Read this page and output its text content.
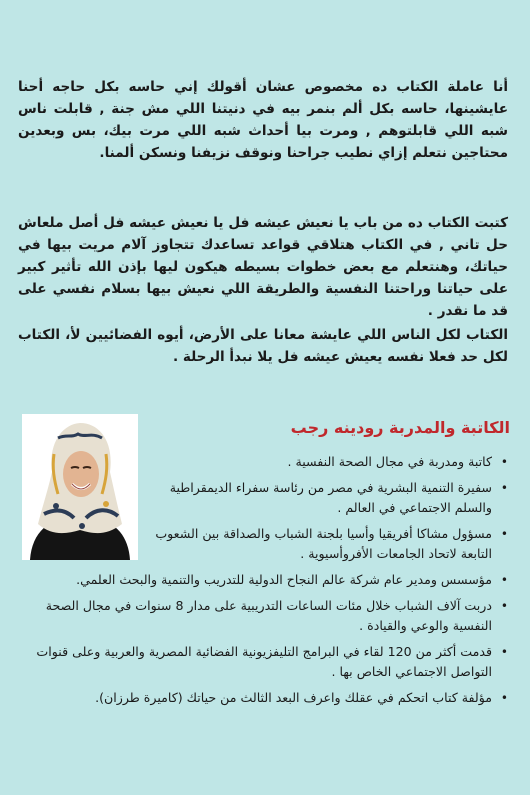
أنا عاملة الكتاب ده مخصوص عشان أقولك إني حاسه بكل حاجه أحنا عايشينها، حاسه بكل ألم بنمر بيه في دنيتنا اللي مش جنة , قابلت ناس شبه اللي قابلتوهم , ومرت بيا أحداث شبه اللي مرت بيك، بس وبعدين محتاجين نتعلم إزاي نطيب جراحنا ونوقف نزيفنا ونسكن ألمنا.

كتبت الكتاب ده من باب يا نعيش عيشه فل يا نعيش عيشه فل أصل ملعاش حل تاني , في الكتاب هتلاقي قواعد تساعدك تتجاوز آلام مريت بيها في حياتك، وهنتعلم مع بعض خطوات بسيطه هيكون ليها بإذن الله تأثير كبير على حياتنا وراحتنا النفسية والطريقة اللي نعيش بيها بسلام نفسي على قد ما نقدر .

الكتاب لكل الناس اللي عايشة معانا على الأرض، أيوه الفضائيين لأ، الكتاب لكل حد فعلا نفسه يعيش عيشه فل يلا نبدأ الرحلة .

الكاتبة والمدربة رودينه رجب
•
كاتبة ومدربة في مجال الصحة النفسية .
•
سفيرة التنمية البشرية في مصر من رئاسة سفراء الديمقراطية والسلم الاجتماعي في العالم .
•
مسؤول مشاكا أفريقيا وأسيا بلجنة الشباب والصداقة بين الشعوب التابعة لاتحاد الجامعات الأفروأسيوية .
•
مؤسسس ومدير عام شركة عالم النجاح الدولية للتدريب والتنمية والبحث العلمي.
•
دربت آلاف الشباب خلال مئات الساعات التدريبية على مدار 8 سنوات في مجال الصحة النفسية والوعي والقيادة .
•
قدمت أكثر من 120 لقاء في البرامج التليفزيونية الفضائية المصرية والعربية وعلى قنوات التواصل الاجتماعي الخاص بها .
•
مؤلفة كتاب اتحكم في عقلك واعرف البعد الثالث من حياتك (كاميرة طرزان).
